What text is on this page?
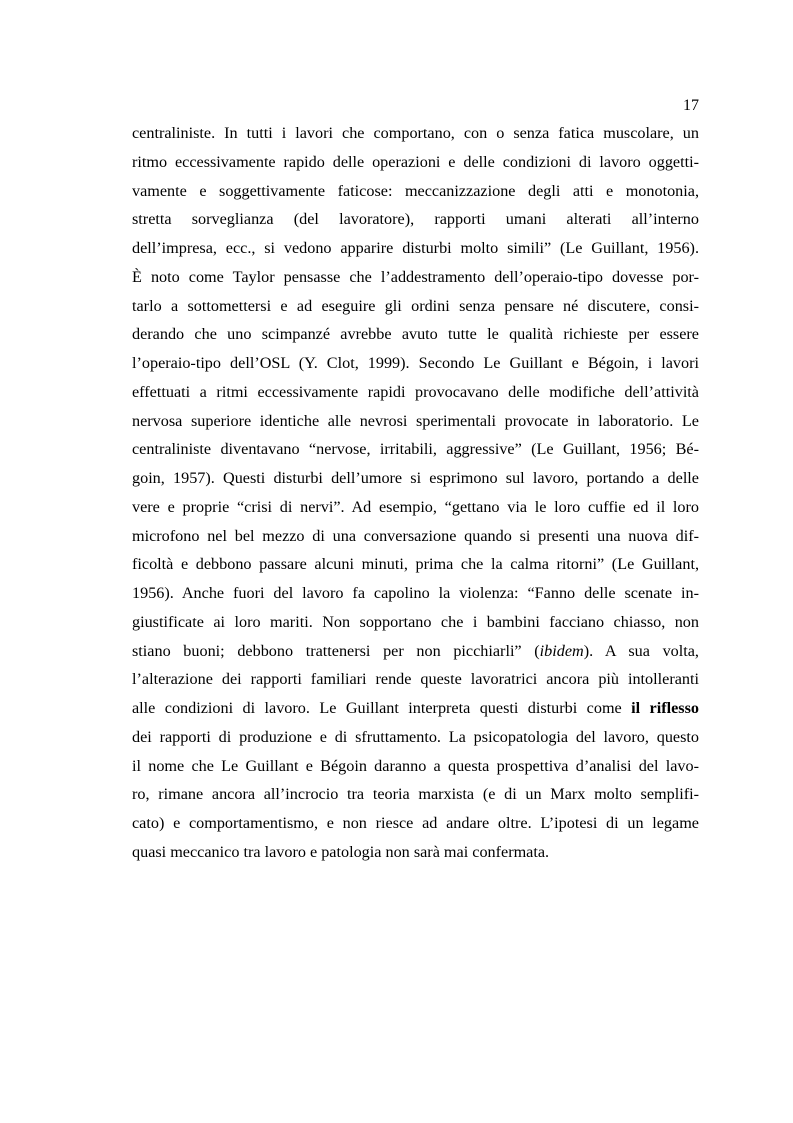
17
centraliniste. In tutti i lavori che comportano, con o senza fatica muscolare, un
ritmo eccessivamente rapido delle operazioni e delle condizioni di lavoro oggetti-
vamente e soggettivamente faticose: meccanizzazione degli atti e monotonia,
stretta sorveglianza (del lavoratore), rapporti umani alterati all’interno
dell’impresa, ecc., si vedono apparire disturbi molto simili” (Le Guillant, 1956).
È noto come Taylor pensasse che l’addestramento dell’operaio-tipo dovesse por-
tarlo a sottomettersi e ad eseguire gli ordini senza pensare né discutere, consi-
derando che uno scimpanzé avrebbe avuto tutte le qualità richieste per essere
l’operaio-tipo dell’OSL (Y. Clot, 1999). Secondo Le Guillant e Bégoin, i lavori
effettuati a ritmi eccessivamente rapidi provocavano delle modifiche dell’attività
nervosa superiore identiche alle nevrosi sperimentali provocate in laboratorio. Le
centraliniste diventavano “nervose, irritabili, aggressive” (Le Guillant, 1956; Bé-
goin, 1957). Questi disturbi dell’umore si esprimono sul lavoro, portando a delle
vere e proprie “crisi di nervi”. Ad esempio, “gettano via le loro cuffie ed il loro
microfono nel bel mezzo di una conversazione quando si presenti una nuova dif-
ficoltà e debbono passare alcuni minuti, prima che la calma ritorni” (Le Guillant,
1956). Anche fuori del lavoro fa capolino la violenza: “Fanno delle scenate in-
giustificate ai loro mariti. Non sopportano che i bambini facciano chiasso, non
stiano buoni; debbono trattenersi per non picchiarli” (ibidem). A sua volta,
l’alterazione dei rapporti familiari rende queste lavoratrici ancora più intolleranti
alle condizioni di lavoro. Le Guillant interpreta questi disturbi come il riflesso
dei rapporti di produzione e di sfruttamento. La psicopatologia del lavoro, questo
il nome che Le Guillant e Bégoin daranno a questa prospettiva d’analisi del lavo-
ro, rimane ancora all’incrocio tra teoria marxista (e di un Marx molto semplifi-
cato) e comportamentismo, e non riesce ad andare oltre. L’ipotesi di un legame
quasi meccanico tra lavoro e patologia non sarà mai confermata.
